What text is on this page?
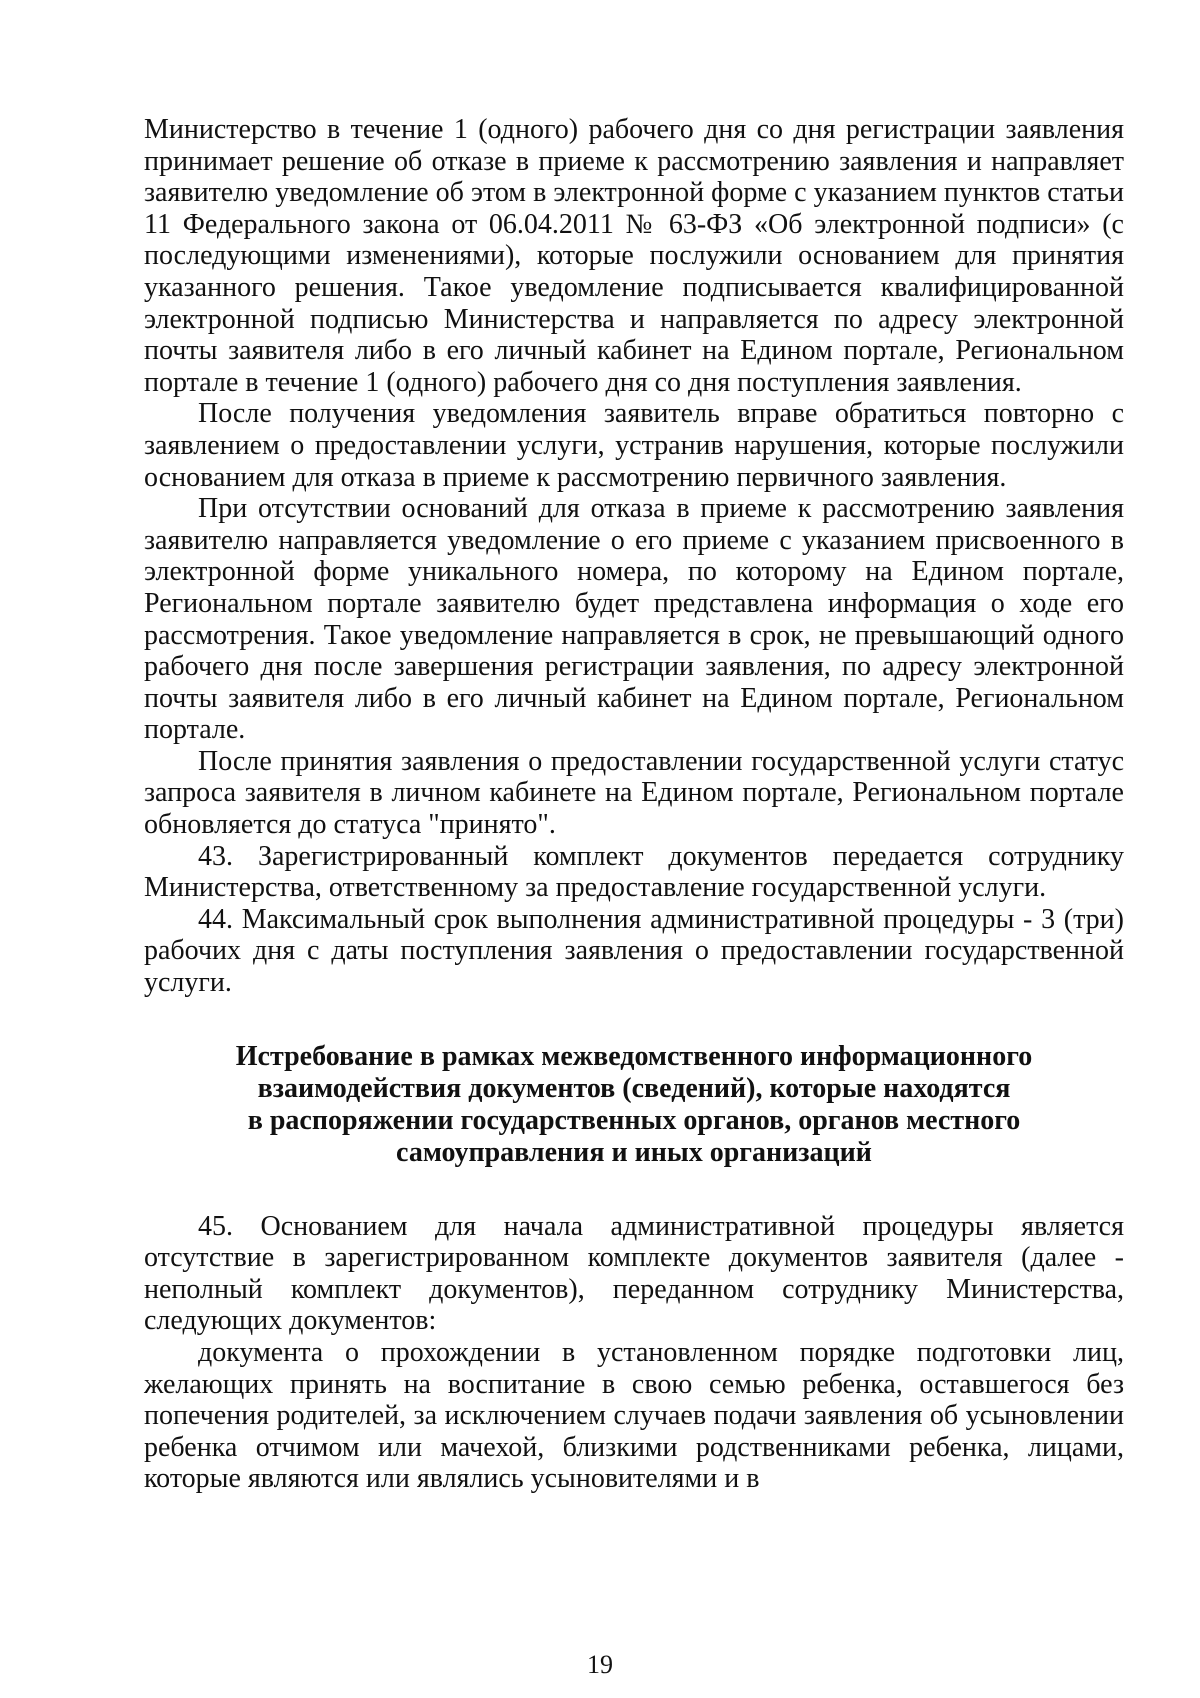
Министерство в течение 1 (одного) рабочего дня со дня регистрации заявления принимает решение об отказе в приеме к рассмотрению заявления и направляет заявителю уведомление об этом в электронной форме с указанием пунктов статьи 11 Федерального закона от 06.04.2011 № 63-ФЗ «Об электронной подписи» (с последующими изменениями), которые послужили основанием для принятия указанного решения. Такое уведомление подписывается квалифицированной электронной подписью Министерства и направляется по адресу электронной почты заявителя либо в его личный кабинет на Едином портале, Региональном портале в течение 1 (одного) рабочего дня со дня поступления заявления.

После получения уведомления заявитель вправе обратиться повторно с заявлением о предоставлении услуги, устранив нарушения, которые послужили основанием для отказа в приеме к рассмотрению первичного заявления.

При отсутствии оснований для отказа в приеме к рассмотрению заявления заявителю направляется уведомление о его приеме с указанием присвоенного в электронной форме уникального номера, по которому на Едином портале, Региональном портале заявителю будет представлена информация о ходе его рассмотрения. Такое уведомление направляется в срок, не превышающий одного рабочего дня после завершения регистрации заявления, по адресу электронной почты заявителя либо в его личный кабинет на Едином портале, Региональном портале.

После принятия заявления о предоставлении государственной услуги статус запроса заявителя в личном кабинете на Едином портале, Региональном портале обновляется до статуса "принято".

43. Зарегистрированный комплект документов передается сотруднику Министерства, ответственному за предоставление государственной услуги.

44. Максимальный срок выполнения административной процедуры - 3 (три) рабочих дня с даты поступления заявления о предоставлении государственной услуги.

Истребование в рамках межведомственного информационного
взаимодействия документов (сведений), которые находятся
в распоряжении государственных органов, органов местного
самоуправления и иных организаций

45. Основанием для начала административной процедуры является отсутствие в зарегистрированном комплекте документов заявителя (далее - неполный комплект документов), переданном сотруднику Министерства, следующих документов:

документа о прохождении в установленном порядке подготовки лиц, желающих принять на воспитание в свою семью ребенка, оставшегося без попечения родителей, за исключением случаев подачи заявления об усыновлении ребенка отчимом или мачехой, близкими родственниками ребенка, лицами, которые являются или являлись усыновителями и в

19
